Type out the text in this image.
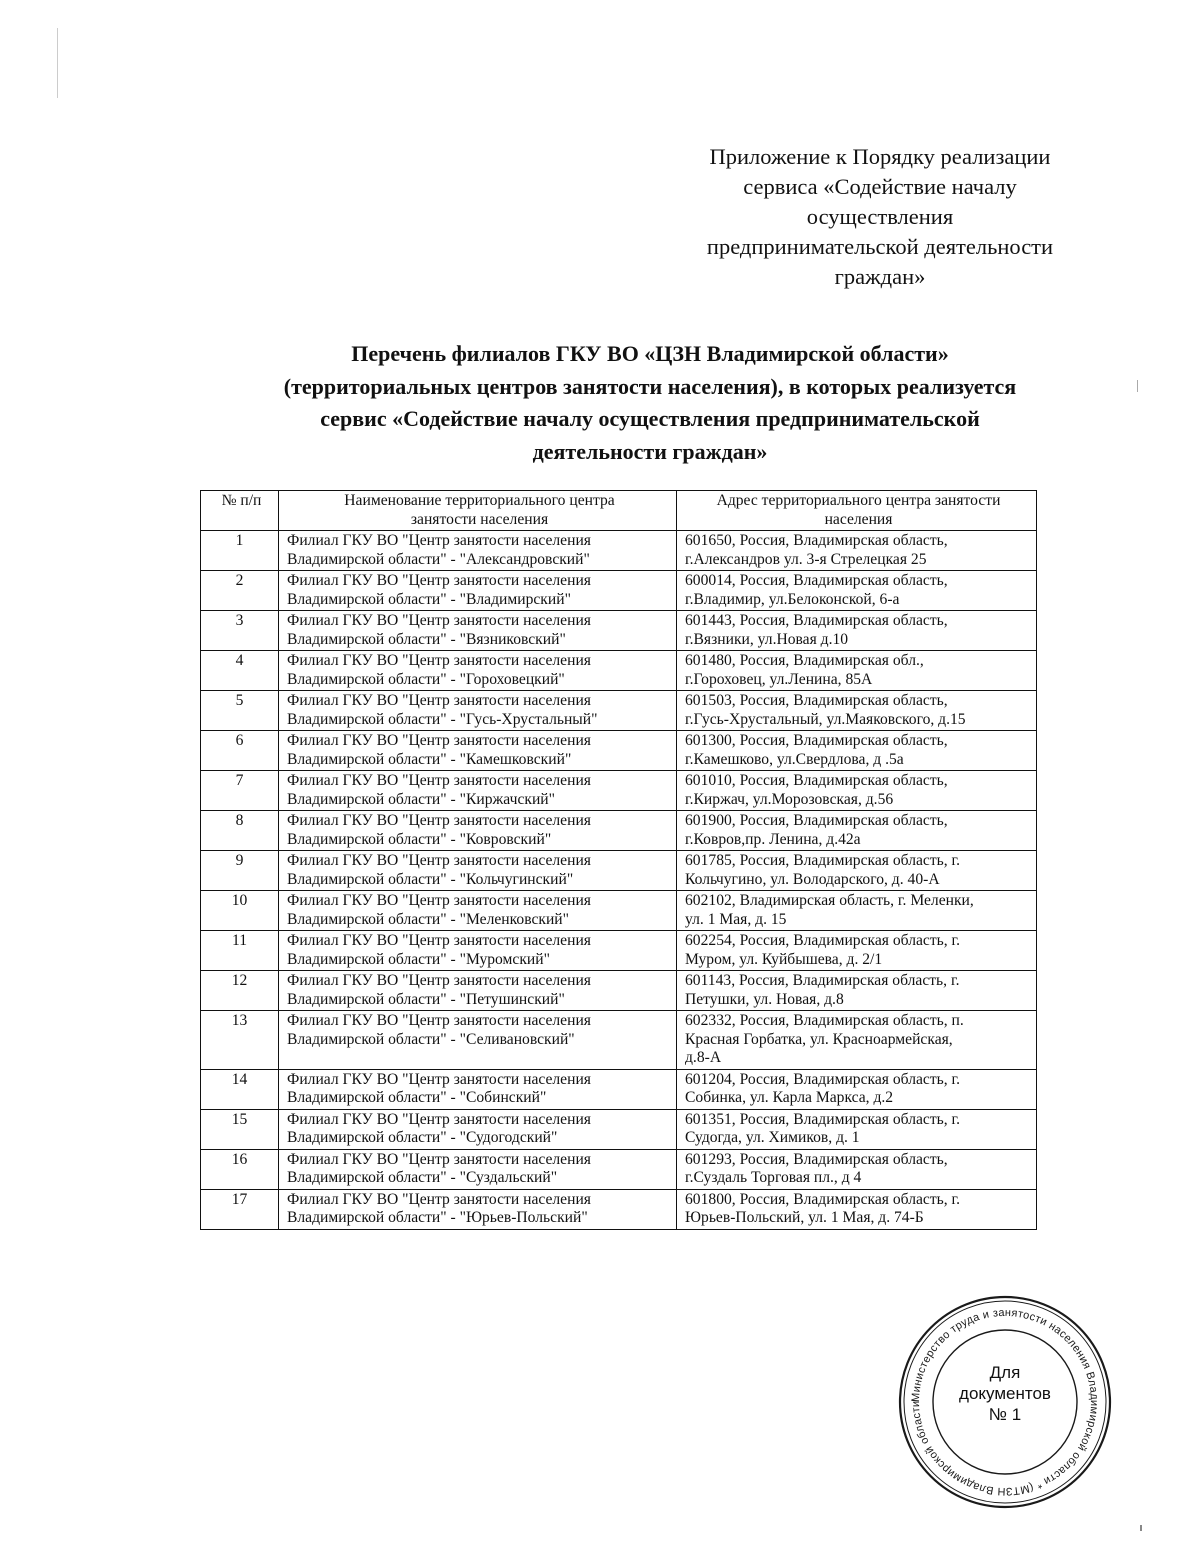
Приложение к Порядку реализации
сервиса «Содействие началу
осуществления
предпринимательской деятельности
граждан»
Перечень филиалов ГКУ ВО «ЦЗН Владимирской области»
(территориальных центров занятости населения), в которых реализуется
сервис «Содействие началу осуществления предпринимательской
деятельности граждан»
№ п/п	Наименование территориального центра
занятости населения	Адрес территориального центра занятости
населения

1	Филиал ГКУ ВО "Центр занятости населения
Владимирской области" - "Александровский"	601650, Россия, Владимирская область,
г.Александров ул. 3-я Стрелецкая 25

2	Филиал ГКУ ВО "Центр занятости населения
Владимирской области" - "Владимирский"	600014, Россия, Владимирская область,
г.Владимир, ул.Белоконской, 6-а

3	Филиал ГКУ ВО "Центр занятости населения
Владимирской области" - "Вязниковский"	601443, Россия, Владимирская область,
г.Вязники, ул.Новая д.10

4	Филиал ГКУ ВО "Центр занятости населения
Владимирской области" - "Гороховецкий"	601480, Россия, Владимирская обл.,
г.Гороховец, ул.Ленина, 85А

5	Филиал ГКУ ВО "Центр занятости населения
Владимирской области" - "Гусь-Хрустальный"	601503, Россия, Владимирская область,
г.Гусь-Хрустальный, ул.Маяковского, д.15

6	Филиал ГКУ ВО "Центр занятости населения
Владимирской области" - "Камешковский"	601300, Россия, Владимирская область,
г.Камешково, ул.Свердлова, д .5а

7	Филиал ГКУ ВО "Центр занятости населения
Владимирской области" - "Киржачский"	601010, Россия, Владимирская область,
г.Киржач, ул.Морозовская, д.56

8	Филиал ГКУ ВО "Центр занятости населения
Владимирской области" - "Ковровский"	601900, Россия, Владимирская область,
г.Ковров,пр. Ленина, д.42а

9	Филиал ГКУ ВО "Центр занятости населения
Владимирской области" - "Кольчугинский"	601785, Россия, Владимирская область, г.
Кольчугино, ул. Володарского, д. 40-А

10	Филиал ГКУ ВО "Центр занятости населения
Владимирской области" - "Меленковский"	602102, Владимирская область, г. Меленки,
ул. 1 Мая, д. 15

11	Филиал ГКУ ВО "Центр занятости населения
Владимирской области" - "Муромский"	602254, Россия, Владимирская область, г.
Муром, ул. Куйбышева, д. 2/1

12	Филиал ГКУ ВО "Центр занятости населения
Владимирской области" - "Петушинский"	601143, Россия, Владимирская область, г.
Петушки, ул. Новая, д.8

13	Филиал ГКУ ВО "Центр занятости населения
Владимирской области" - "Селивановский"	602332, Россия, Владимирская область, п.
Красная Горбатка, ул. Красноармейская,
д.8-А

14	Филиал ГКУ ВО "Центр занятости населения
Владимирской области" - "Собинский"	601204, Россия, Владимирская область, г.
Собинка, ул. Карла Маркса, д.2

15	Филиал ГКУ ВО "Центр занятости населения
Владимирской области" - "Судогодский"	601351, Россия, Владимирская область, г.
Судогда, ул. Химиков, д. 1

16	Филиал ГКУ ВО "Центр занятости населения
Владимирской области" - "Суздальский"	601293, Россия, Владимирская область,
г.Суздаль Торговая пл., д 4

17	Филиал ГКУ ВО "Центр занятости населения
Владимирской области" - "Юрьев-Польский"	601800, Россия, Владимирская область, г.
Юрьев-Польский, ул. 1 Мая, д. 74-Б
Министерство труда и занятости населения Владимирской области * (МТЗН Владимирской области
Для
документов
№ 1
